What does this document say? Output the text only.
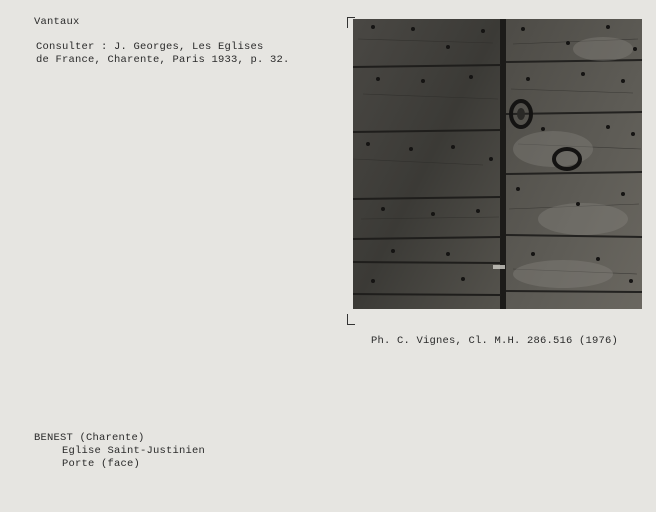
Vantaux
Consulter : J. Georges, Les Eglises
de France, Charente, Paris 1933, p. 32.
Ph. C. Vignes, Cl. M.H. 286.516 (1976)
BENEST (Charente)
Eglise Saint-Justinien
Porte (face)
